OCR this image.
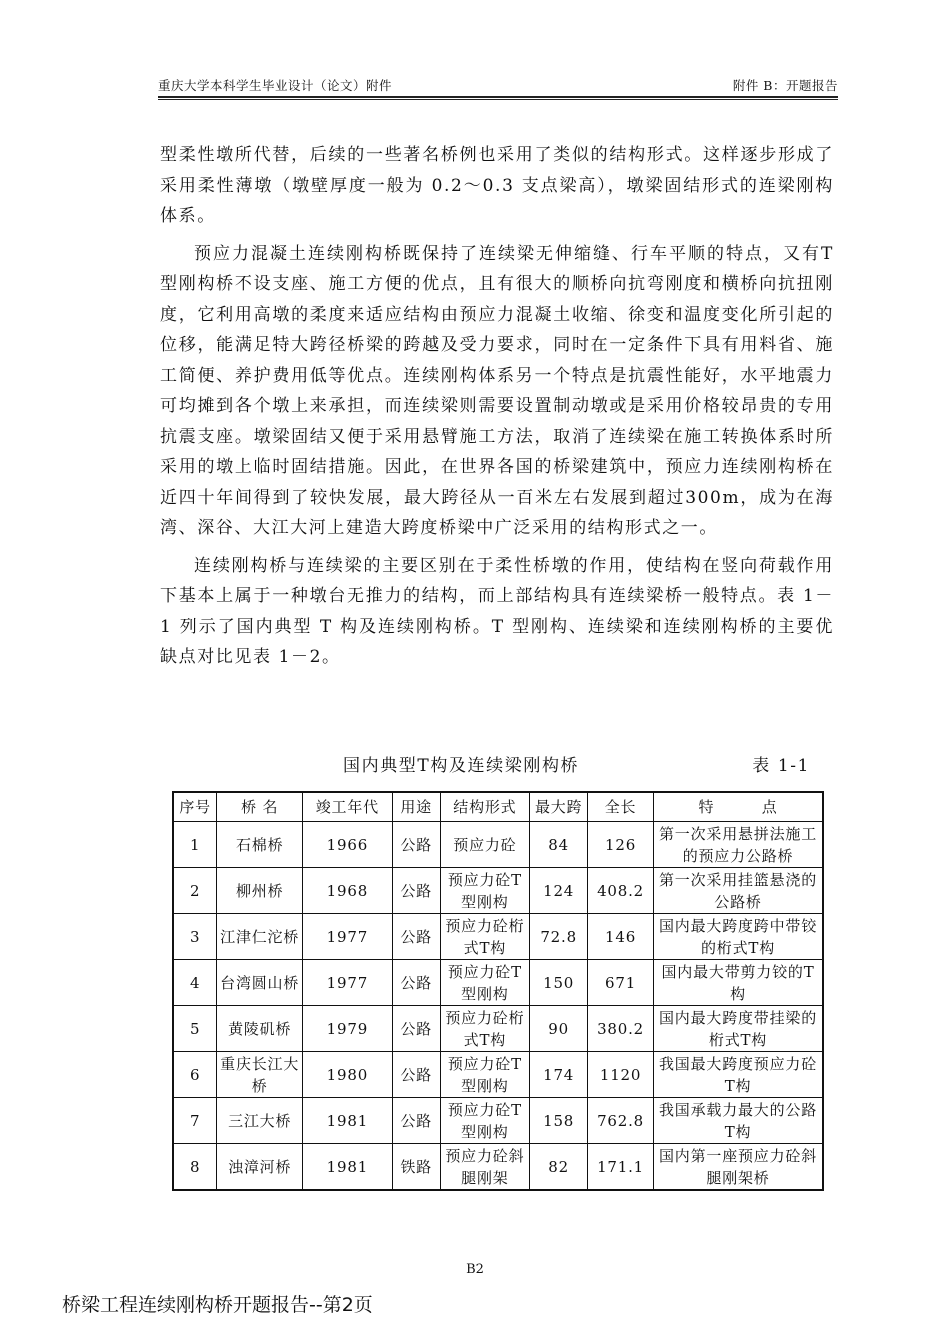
重庆大学本科学生毕业设计（论文）附件	附件 B：开题报告

型柔性墩所代替，后续的一些著名桥例也采用了类似的结构形式。这样逐步形成了采用柔性薄墩（墩壁厚度一般为 0.2～0.3 支点梁高），墩梁固结形式的连梁刚构体系。

预应力混凝土连续刚构桥既保持了连续梁无伸缩缝、行车平顺的特点，又有T型刚构桥不设支座、施工方便的优点，且有很大的顺桥向抗弯刚度和横桥向抗扭刚度，它利用高墩的柔度来适应结构由预应力混凝土收缩、徐变和温度变化所引起的位移，能满足特大跨径桥梁的跨越及受力要求，同时在一定条件下具有用料省、施工简便、养护费用低等优点。连续刚构体系另一个特点是抗震性能好，水平地震力可均摊到各个墩上来承担，而连续梁则需要设置制动墩或是采用价格较昂贵的专用抗震支座。墩梁固结又便于采用悬臂施工方法，取消了连续梁在施工转换体系时所采用的墩上临时固结措施。因此，在世界各国的桥梁建筑中，预应力连续刚构桥在近四十年间得到了较快发展，最大跨径从一百米左右发展到超过300m，成为在海湾、深谷、大江大河上建造大跨度桥梁中广泛采用的结构形式之一。

连续刚构桥与连续梁的主要区别在于柔性桥墩的作用，使结构在竖向荷载作用下基本上属于一种墩台无推力的结构，而上部结构具有连续梁桥一般特点。表 1－1 列示了国内典型 T 构及连续刚构桥。T 型刚构、连续梁和连续刚构桥的主要优缺点对比见表 1－2。

国内典型T构及连续梁刚构桥	表 1-1
序号	桥 名	竣工年代	用途	结构形式	最大跨	全长	特　　　点
1	石棉桥	1966	公路	预应力砼	84	126	第一次采用悬拼法施工的预应力公路桥
2	柳州桥	1968	公路	预应力砼T型刚构	124	408.2	第一次采用挂篮悬浇的公路桥
3	江津仁沱桥	1977	公路	预应力砼桁式T构	72.8	146	国内最大跨度跨中带铰的桁式T构
4	台湾圆山桥	1977	公路	预应力砼T型刚构	150	671	国内最大带剪力铰的T构
5	黄陵矶桥	1979	公路	预应力砼桁式T构	90	380.2	国内最大跨度带挂梁的桁式T构
6	重庆长江大桥	1980	公路	预应力砼T型刚构	174	1120	我国最大跨度预应力砼T构
7	三江大桥	1981	公路	预应力砼T型刚构	158	762.8	我国承载力最大的公路T构
8	浊漳河桥	1981	铁路	预应力砼斜腿刚架	82	171.1	国内第一座预应力砼斜腿刚架桥
B2
桥梁工程连续刚构桥开题报告--第2页
